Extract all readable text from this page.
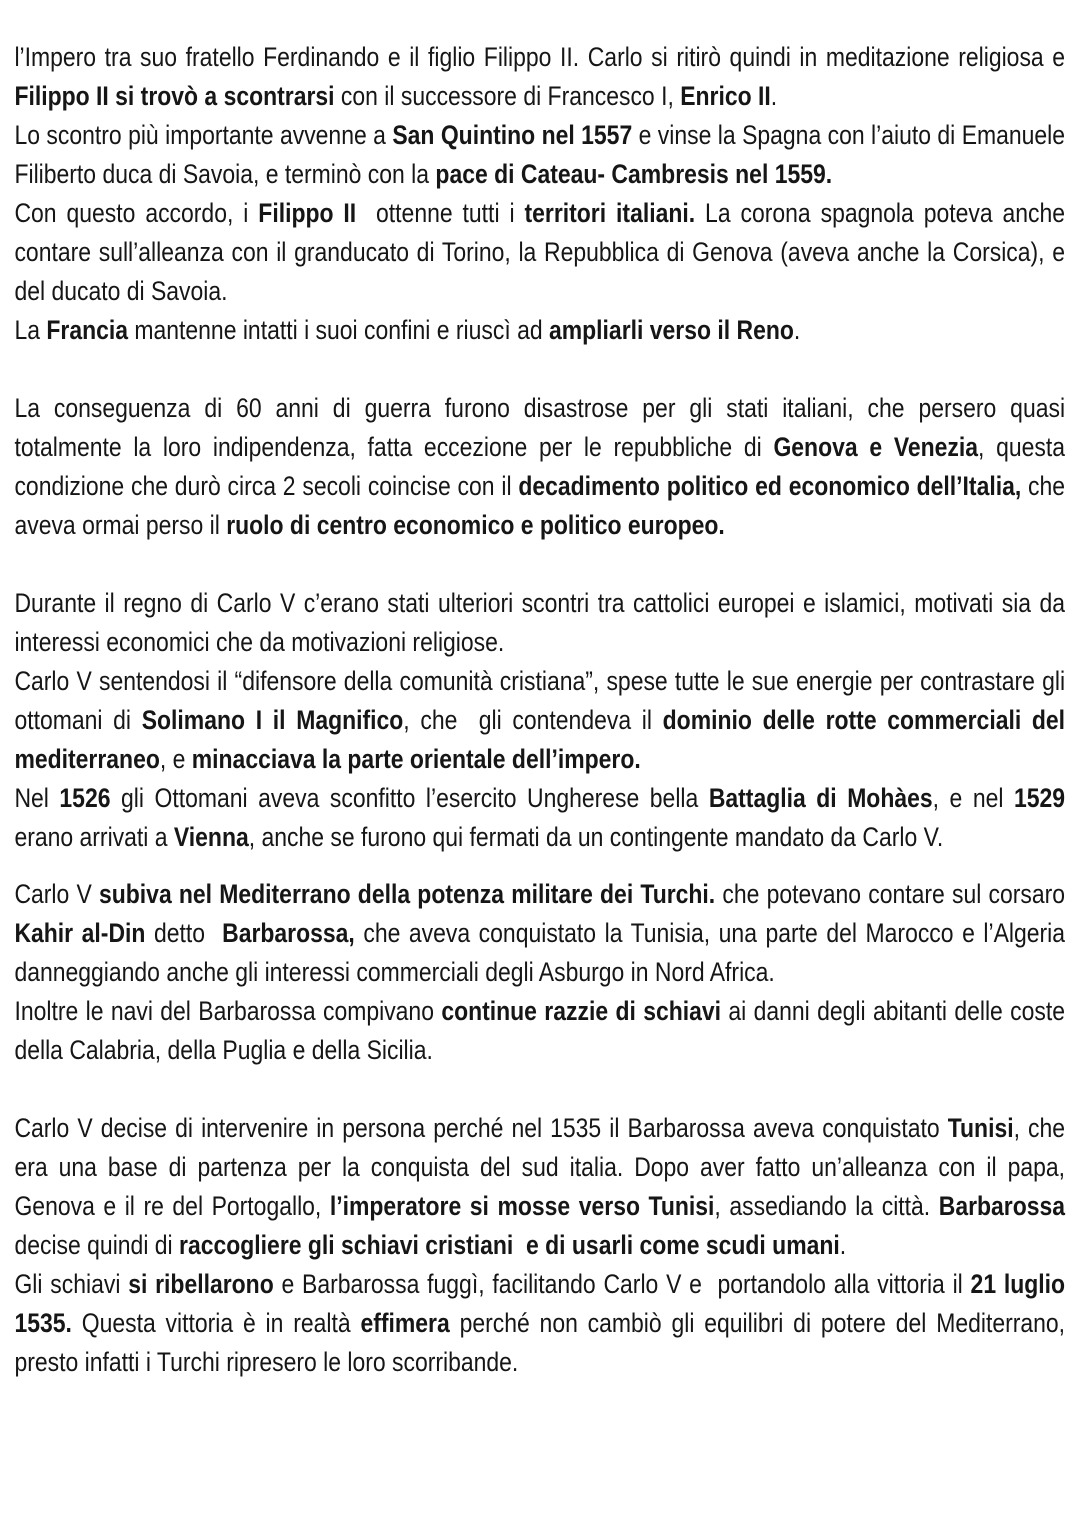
l’Impero tra suo fratello Ferdinando e il figlio Filippo II. Carlo si ritirò quindi in meditazione religiosa e Filippo II si trovò a scontrarsi con il successore di Francesco I, Enrico II.

Lo scontro più importante avvenne a San Quintino nel 1557 e vinse la Spagna con l’aiuto di Emanuele Filiberto duca di Savoia, e terminò con la pace di Cateau- Cambresis nel 1559.

Con questo accordo, i Filippo II  ottenne tutti i territori italiani. La corona spagnola poteva anche contare sull’alleanza con il granducato di Torino, la Repubblica di Genova (aveva anche la Corsica), e del ducato di Savoia.

La Francia mantenne intatti i suoi confini e riuscì ad ampliarli verso il Reno.

La conseguenza di 60 anni di guerra furono disastrose per gli stati italiani, che persero quasi totalmente la loro indipendenza, fatta eccezione per le repubbliche di Genova e Venezia, questa condizione che durò circa 2 secoli coincise con il decadimento politico ed economico dell’Italia, che aveva ormai perso il ruolo di centro economico e politico europeo.

Durante il regno di Carlo V c’erano stati ulteriori scontri tra cattolici europei e islamici, motivati sia da interessi economici che da motivazioni religiose.

Carlo V sentendosi il “difensore della comunità cristiana”, spese tutte le sue energie per contrastare gli ottomani di Solimano I il Magnifico, che  gli contendeva il dominio delle rotte commerciali del mediterraneo, e minacciava la parte orientale dell’impero.

Nel 1526 gli Ottomani aveva sconfitto l’esercito Ungherese bella Battaglia di Mohàes, e nel 1529 erano arrivati a Vienna, anche se furono qui fermati da un contingente mandato da Carlo V.

Carlo V subiva nel Mediterrano della potenza militare dei Turchi. che potevano contare sul corsaro Kahir al-Din detto  Barbarossa, che aveva conquistato la Tunisia, una parte del Marocco e l’Algeria danneggiando anche gli interessi commerciali degli Asburgo in Nord Africa.

Inoltre le navi del Barbarossa compivano continue razzie di schiavi ai danni degli abitanti delle coste della Calabria, della Puglia e della Sicilia.

Carlo V decise di intervenire in persona perché nel 1535 il Barbarossa aveva conquistato Tunisi, che era una base di partenza per la conquista del sud italia. Dopo aver fatto un’alleanza con il papa, Genova e il re del Portogallo, l’imperatore si mosse verso Tunisi, assediando la città. Barbarossa decise quindi di raccogliere gli schiavi cristiani  e di usarli come scudi umani.

Gli schiavi si ribellarono e Barbarossa fuggì, facilitando Carlo V e  portandolo alla vittoria il 21 luglio 1535. Questa vittoria è in realtà effimera perché non cambiò gli equilibri di potere del Mediterrano, presto infatti i Turchi ripresero le loro scorribande.
